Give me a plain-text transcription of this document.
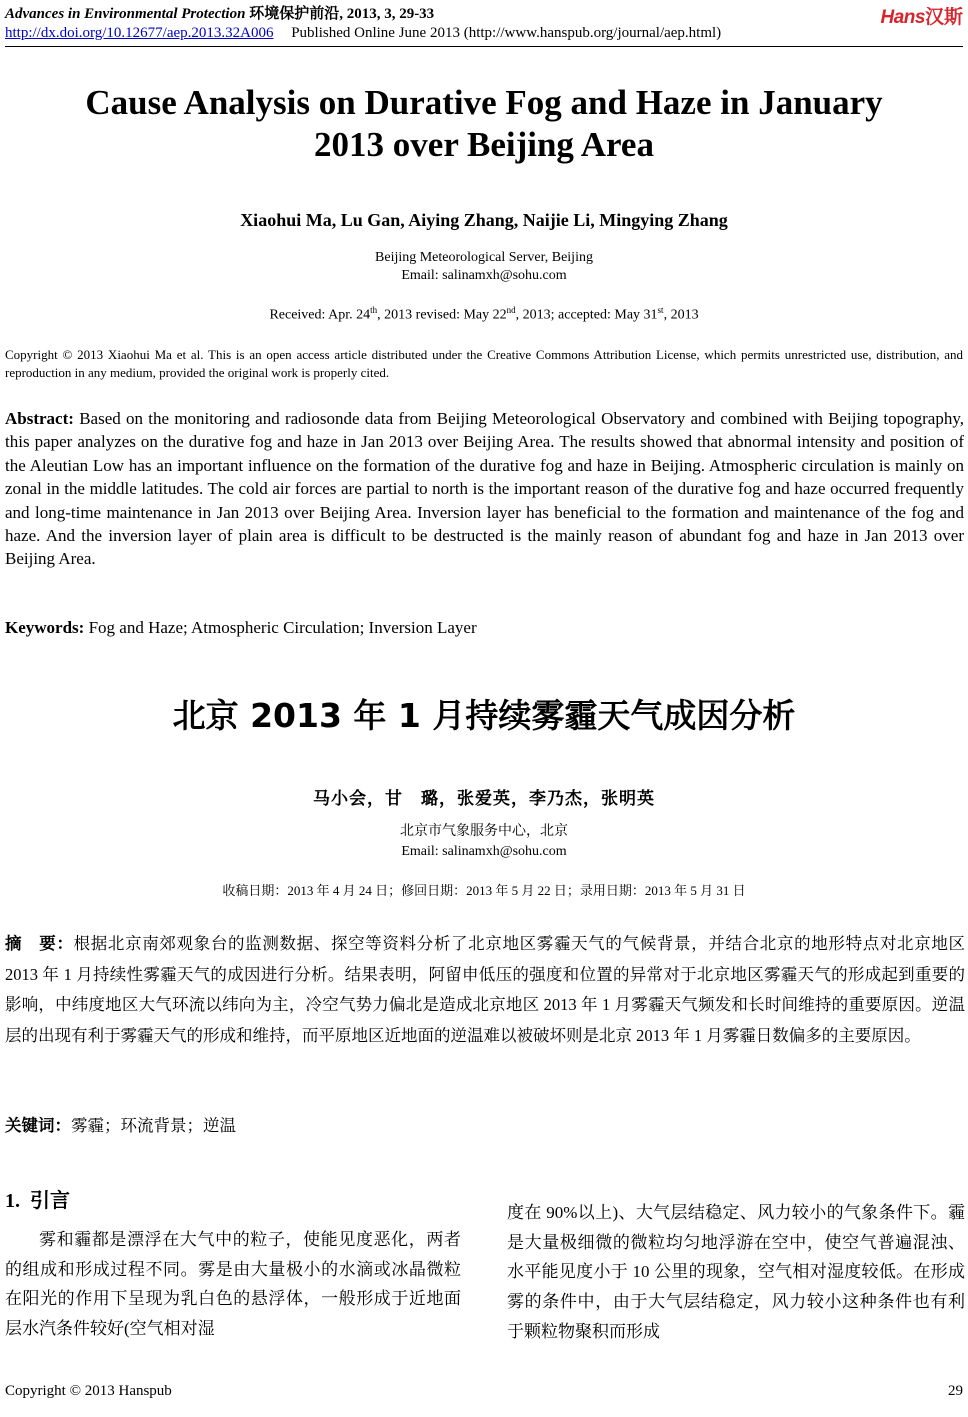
Advances in Environmental Protection 环境保护前沿, 2013, 3, 29-33
http://dx.doi.org/10.12677/aep.2013.32A006 Published Online June 2013 (http://www.hanspub.org/journal/aep.html)
Hans汉斯
Cause Analysis on Durative Fog and Haze in January
2013 over Beijing Area
Xiaohui Ma, Lu Gan, Aiying Zhang, Naijie Li, Mingying Zhang
Beijing Meteorological Server, Beijing
Email: salinamxh@sohu.com
Received: Apr. 24th, 2013 revised: May 22nd, 2013; accepted: May 31st, 2013
Copyright © 2013 Xiaohui Ma et al. This is an open access article distributed under the Creative Commons Attribution License, which permits unrestricted use, distribution, and reproduction in any medium, provided the original work is properly cited.
Abstract: Based on the monitoring and radiosonde data from Beijing Meteorological Observatory and combined with Beijing topography, this paper analyzes on the durative fog and haze in Jan 2013 over Beijing Area. The results showed that abnormal intensity and position of the Aleutian Low has an important influence on the formation of the durative fog and haze in Beijing. Atmospheric circulation is mainly on zonal in the middle latitudes. The cold air forces are partial to north is the important reason of the durative fog and haze occurred frequently and long-time maintenance in Jan 2013 over Beijing Area. Inversion layer has beneficial to the formation and maintenance of the fog and haze. And the inversion layer of plain area is difficult to be destructed is the mainly reason of abundant fog and haze in Jan 2013 over Beijing Area.
Keywords: Fog and Haze; Atmospheric Circulation; Inversion Layer
北京 2013 年 1 月持续雾霾天气成因分析
马小会，甘　璐，张爱英，李乃杰，张明英
北京市气象服务中心，北京
Email: salinamxh@sohu.com
收稿日期：2013 年 4 月 24 日；修回日期：2013 年 5 月 22 日；录用日期：2013 年 5 月 31 日
摘　要：根据北京南郊观象台的监测数据、探空等资料分析了北京地区雾霾天气的气候背景，并结合北京的地形特点对北京地区 2013 年 1 月持续性雾霾天气的成因进行分析。结果表明，阿留申低压的强度和位置的异常对于北京地区雾霾天气的形成起到重要的影响，中纬度地区大气环流以纬向为主，冷空气势力偏北是造成北京地区 2013 年 1 月雾霾天气频发和长时间维持的重要原因。逆温层的出现有利于雾霾天气的形成和维持，而平原地区近地面的逆温难以被破坏则是北京 2013 年 1 月雾霾日数偏多的主要原因。
关键词：雾霾；环流背景；逆温
1. 引言

雾和霾都是漂浮在大气中的粒子，使能见度恶化，两者的组成和形成过程不同。雾是由大量极小的水滴或冰晶微粒在阳光的作用下呈现为乳白色的悬浮体，一般形成于近地面层水汽条件较好(空气相对湿

度在 90%以上)、大气层结稳定、风力较小的气象条件下。霾是大量极细微的微粒均匀地浮游在空中，使空气普遍混浊、水平能见度小于 10 公里的现象，空气相对湿度较低。在形成雾的条件中，由于大气层结稳定，风力较小这种条件也有利于颗粒物聚积而形成

Copyright © 2013 Hanspub	29
